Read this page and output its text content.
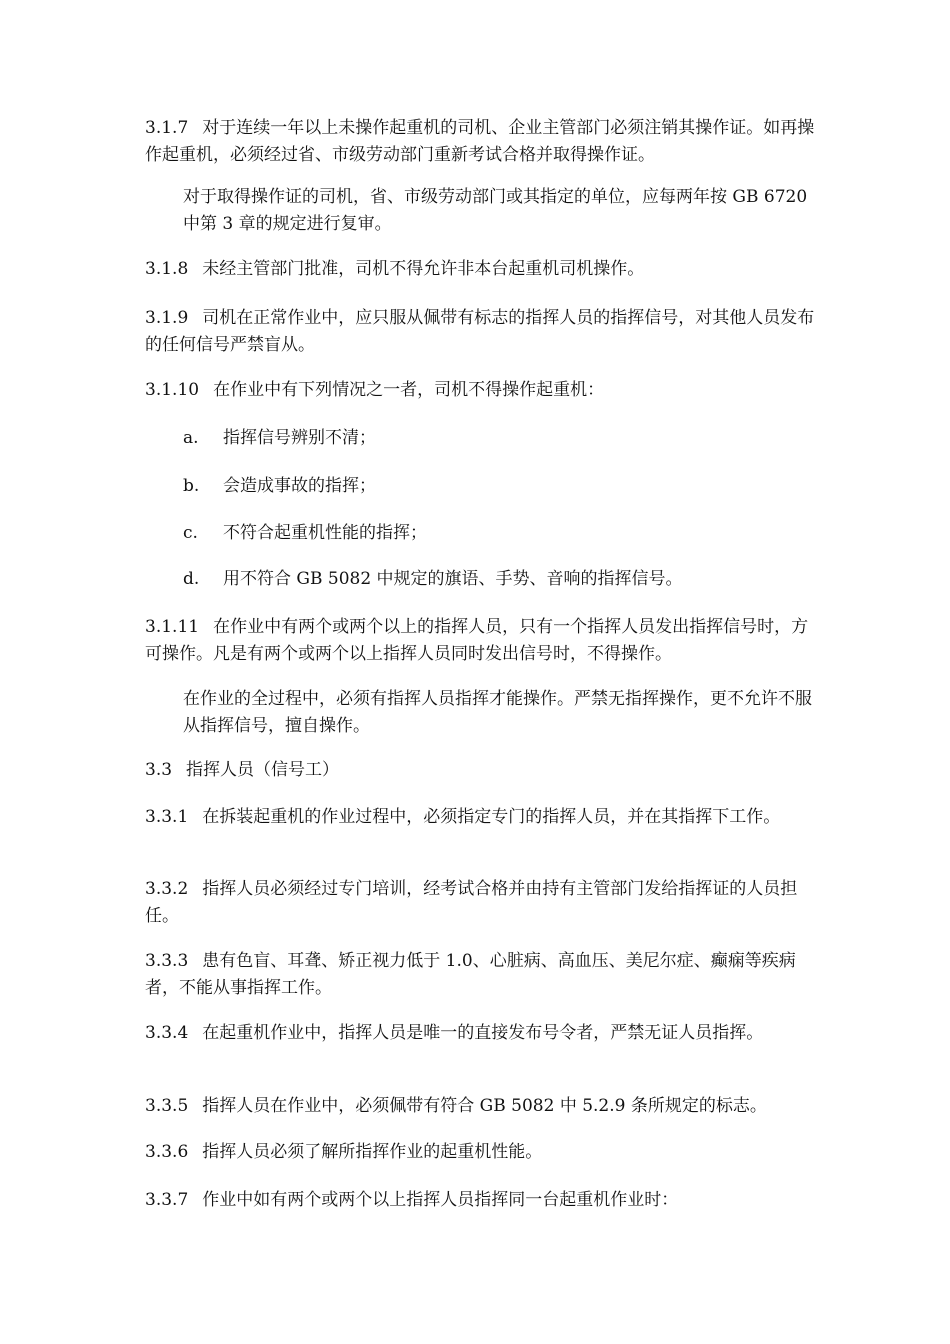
3.1.7 对于连续一年以上未操作起重机的司机、企业主管部门必须注销其操作证。如再操作起重机，必须经过省、市级劳动部门重新考试合格并取得操作证。

对于取得操作证的司机，省、市级劳动部门或其指定的单位，应每两年按 GB 6720 中第 3 章的规定进行复审。

3.1.8 未经主管部门批准，司机不得允许非本台起重机司机操作。

3.1.9 司机在正常作业中，应只服从佩带有标志的指挥人员的指挥信号，对其他人员发布的任何信号严禁盲从。

3.1.10 在作业中有下列情况之一者，司机不得操作起重机：

a. 指挥信号辨别不清；

b. 会造成事故的指挥；

c. 不符合起重机性能的指挥；

d. 用不符合 GB 5082 中规定的旗语、手势、音响的指挥信号。

3.1.11 在作业中有两个或两个以上的指挥人员，只有一个指挥人员发出指挥信号时，方可操作。凡是有两个或两个以上指挥人员同时发出信号时，不得操作。

在作业的全过程中，必须有指挥人员指挥才能操作。严禁无指挥操作，更不允许不服从指挥信号，擅自操作。

3.3 指挥人员（信号工）

3.3.1 在拆装起重机的作业过程中，必须指定专门的指挥人员，并在其指挥下工作。

3.3.2 指挥人员必须经过专门培训，经考试合格并由持有主管部门发给指挥证的人员担任。

3.3.3 患有色盲、耳聋、矫正视力低于 1.0、心脏病、高血压、美尼尔症、癫痫等疾病者，不能从事指挥工作。

3.3.4 在起重机作业中，指挥人员是唯一的直接发布号令者，严禁无证人员指挥。

3.3.5 指挥人员在作业中，必须佩带有符合 GB 5082 中 5.2.9 条所规定的标志。

3.3.6 指挥人员必须了解所指挥作业的起重机性能。

3.3.7 作业中如有两个或两个以上指挥人员指挥同一台起重机作业时：
